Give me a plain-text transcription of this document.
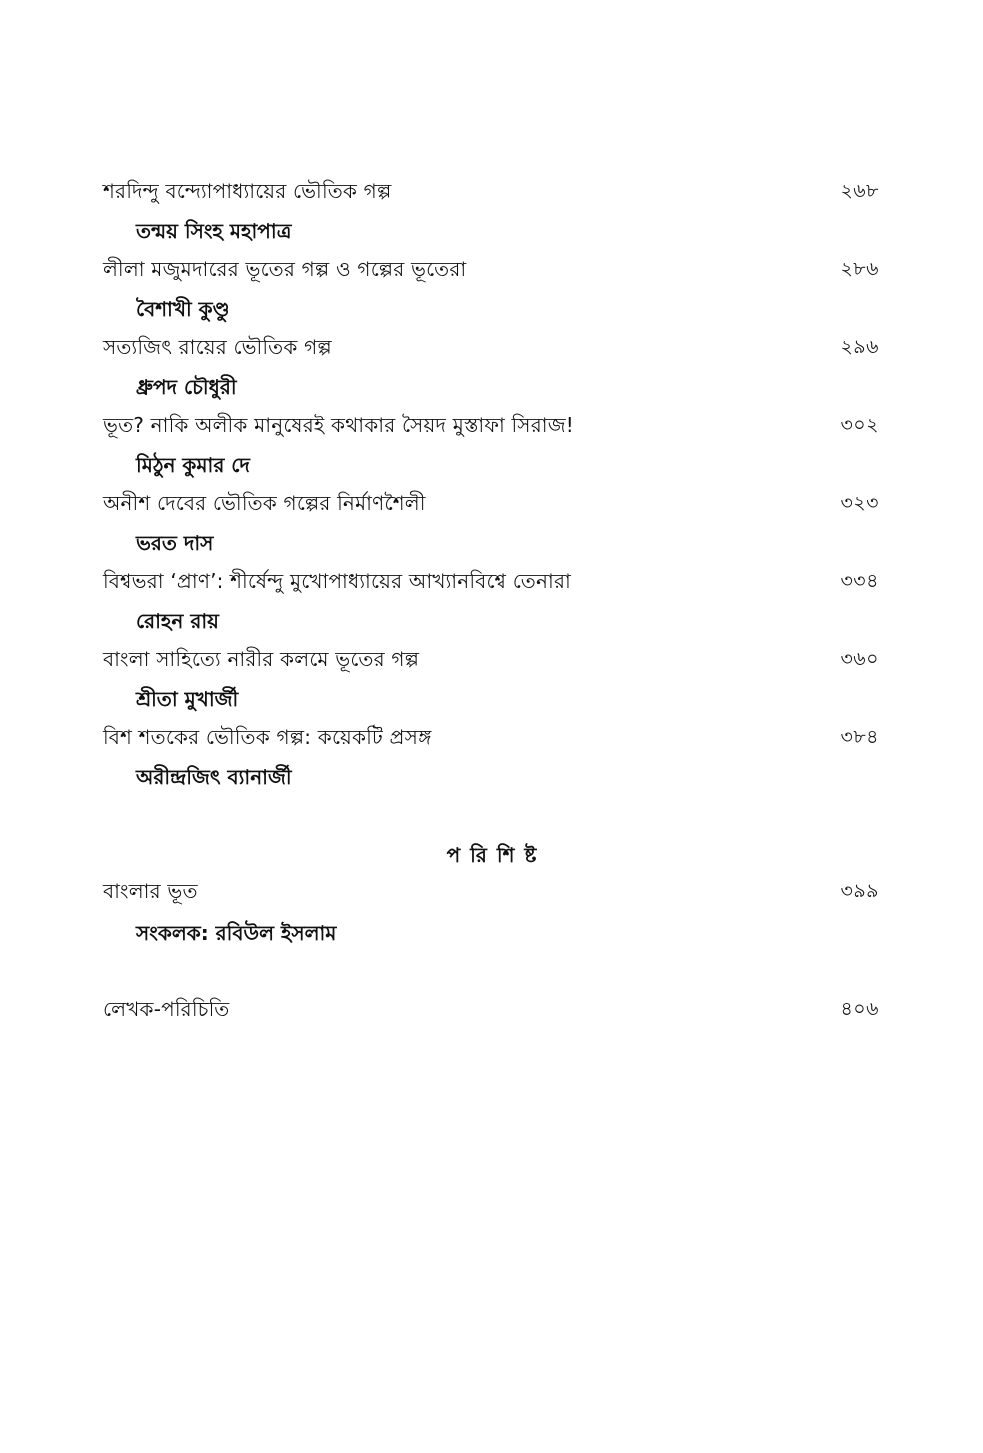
শরদিন্দু বন্দ্যোপাধ্যায়ের ভৌতিক গল্প	২৬৮
তন্ময় সিংহ মহাপাত্র
লীলা মজুমদারের ভূতের গল্প ও গল্পের ভূতেরা	২৮৬
বৈশাখী কুণ্ডু
সত্যজিৎ রায়ের ভৌতিক গল্প	২৯৬
ধ্রুপদ চৌধুরী
ভূত? নাকি অলীক মানুষেরই কথাকার সৈয়দ মুস্তাফা সিরাজ!	৩০২
মিঠুন কুমার দে
অনীশ দেবের ভৌতিক গল্পের নির্মাণশৈলী	৩২৩
ভরত দাস
বিশ্বভরা ‘প্রাণ’: শীর্ষেন্দু মুখোপাধ্যায়ের আখ্যানবিশ্বে তেনারা	৩৩৪
রোহন রায়
বাংলা সাহিত্যে নারীর কলমে ভূতের গল্প	৩৬০
শ্রীতা মুখার্জী
বিশ শতকের ভৌতিক গল্প: কয়েকটি প্রসঙ্গ	৩৮৪
অরীন্দ্রজিৎ ব্যানার্জী
পরিশিষ্ট
বাংলার ভূত	৩৯৯
সংকলক: রবিউল ইসলাম
লেখক-পরিচিতি	৪০৬
